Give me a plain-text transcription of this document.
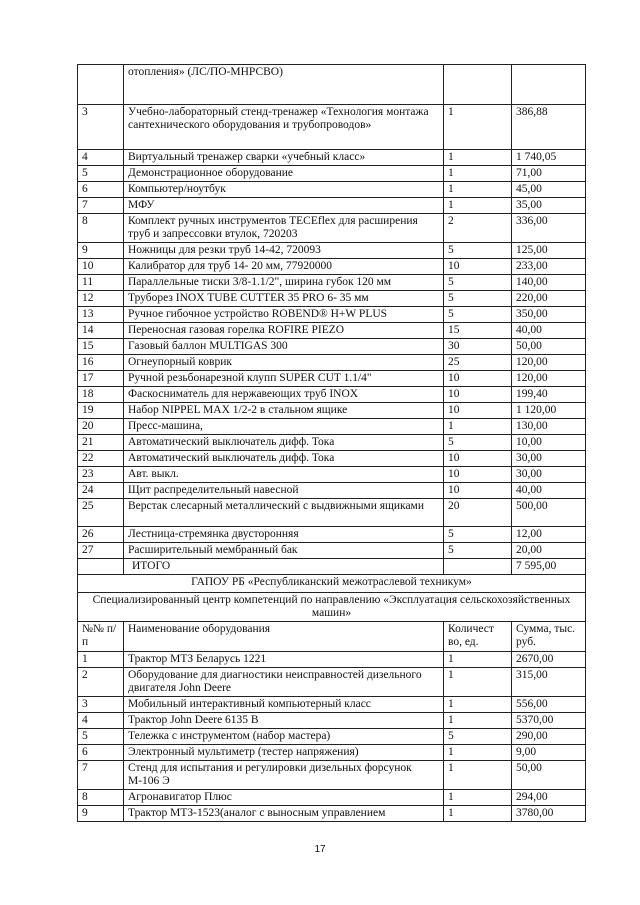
	отопления» (ЛС/ПО-МНРСВО)		
3	Учебно-лабораторный стенд-тренажер «Технология монтажа сантехнического оборудования и трубопроводов»	1	386,88
4	Виртуальный тренажер сварки «учебный класс»	1	1 740,05
5	Демонстрационное оборудование	1	71,00
6	Компьютер/ноутбук	1	45,00
7	МФУ	1	35,00
8	Комплект ручных инструментов TECEflex для расширения труб и запрессовки втулок, 720203	2	336,00
9	Ножницы для резки труб 14-42, 720093	5	125,00
10	Калибратор для труб 14- 20 мм, 77920000	10	233,00
11	Параллельные тиски 3/8-1.1/2", ширина губок 120 мм	5	140,00
12	Труборез INOX TUBE CUTTER 35 PRO 6- 35 мм	5	220,00
13	Ручное гибочное устройство ROBEND® H+W PLUS	5	350,00
14	Переносная газовая горелка ROFIRE PIEZO	15	40,00
15	Газовый баллон MULTIGAS 300	30	50,00
16	Огнеупорный коврик	25	120,00
17	Ручной резьбонарезной клупп SUPER CUT 1.1/4"	10	120,00
18	Фаскосниматель для нержавеющих труб INOX	10	199,40
19	Набор NIPPEL MAX 1/2-2 в стальном ящике	10	1 120,00
20	Пресс-машина,	1	130,00
21	Автоматический выключатель дифф. Тока	5	10,00
22	Автоматический выключатель дифф. Тока	10	30,00
23	Авт. выкл.	10	30,00
24	Щит распределительный навесной	10	40,00
25	Верстак слесарный металлический с выдвижными ящиками	20	500,00
26	Лестница-стремянка двусторонняя	5	12,00
27	Расширительный мембранный бак	5	20,00
	ИТОГО		7 595,00
ГАПОУ РБ «Республиканский межотраслевой техникум»			
Специализированный центр компетенций по направлению «Эксплуатация сельскохозяйственных машин»			
№№ п/п	Наименование оборудования	Количест во, ед.	Сумма, тыс. руб.
1	Трактор МТЗ Беларусь 1221	1	2670,00
2	Оборудование для диагностики неисправностей дизельного двигателя John Deere	1	315,00
3	Мобильный интерактивный компьютерный класс	1	556,00
4	Трактор John Deere 6135 B	1	5370,00
5	Тележка с инструментом (набор мастера)	5	290,00
6	Электронный мультиметр (тестер напряжения)	1	9,00
7	Стенд для испытания и регулировки дизельных форсунок М-106 Э	1	50,00
8	Агронавигатор Плюс	1	294,00
9	Трактор МТЗ-1523(аналог с выносным управлением	1	3780,00
17
